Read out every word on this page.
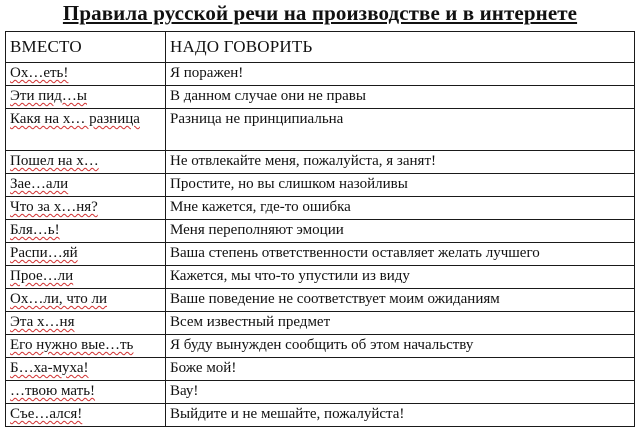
Правила русской речи на производстве и в интернете
ВМЕСТО	НАДО ГОВОРИТЬ
Ох…еть!	Я поражен!
Эти пид…ы	В данном случае они не правы
Какя на х… разница	Разница не принципиальна
Пошел на х…	Не отвлекайте меня, пожалуйста, я занят!
Зае…али	Простите, но вы слишком назойливы
Что за х…ня?	Мне кажется, где-то ошибка
Бля…ь!	Меня переполняют эмоции
Распи…яй	Ваша степень ответственности оставляет желать лучшего
Прое…ли	Кажется, мы что-то упустили из виду
Ох…ли, что ли	Ваше поведение не соответствует моим ожиданиям
Эта х…ня	Всем известный предмет
Его нужно вые…ть	Я буду вынужден сообщить об этом начальству
Б…ха-муха!	Боже мой!
…твою мать!	Вау!
Съе…ался!	Выйдите и не мешайте, пожалуйста!
